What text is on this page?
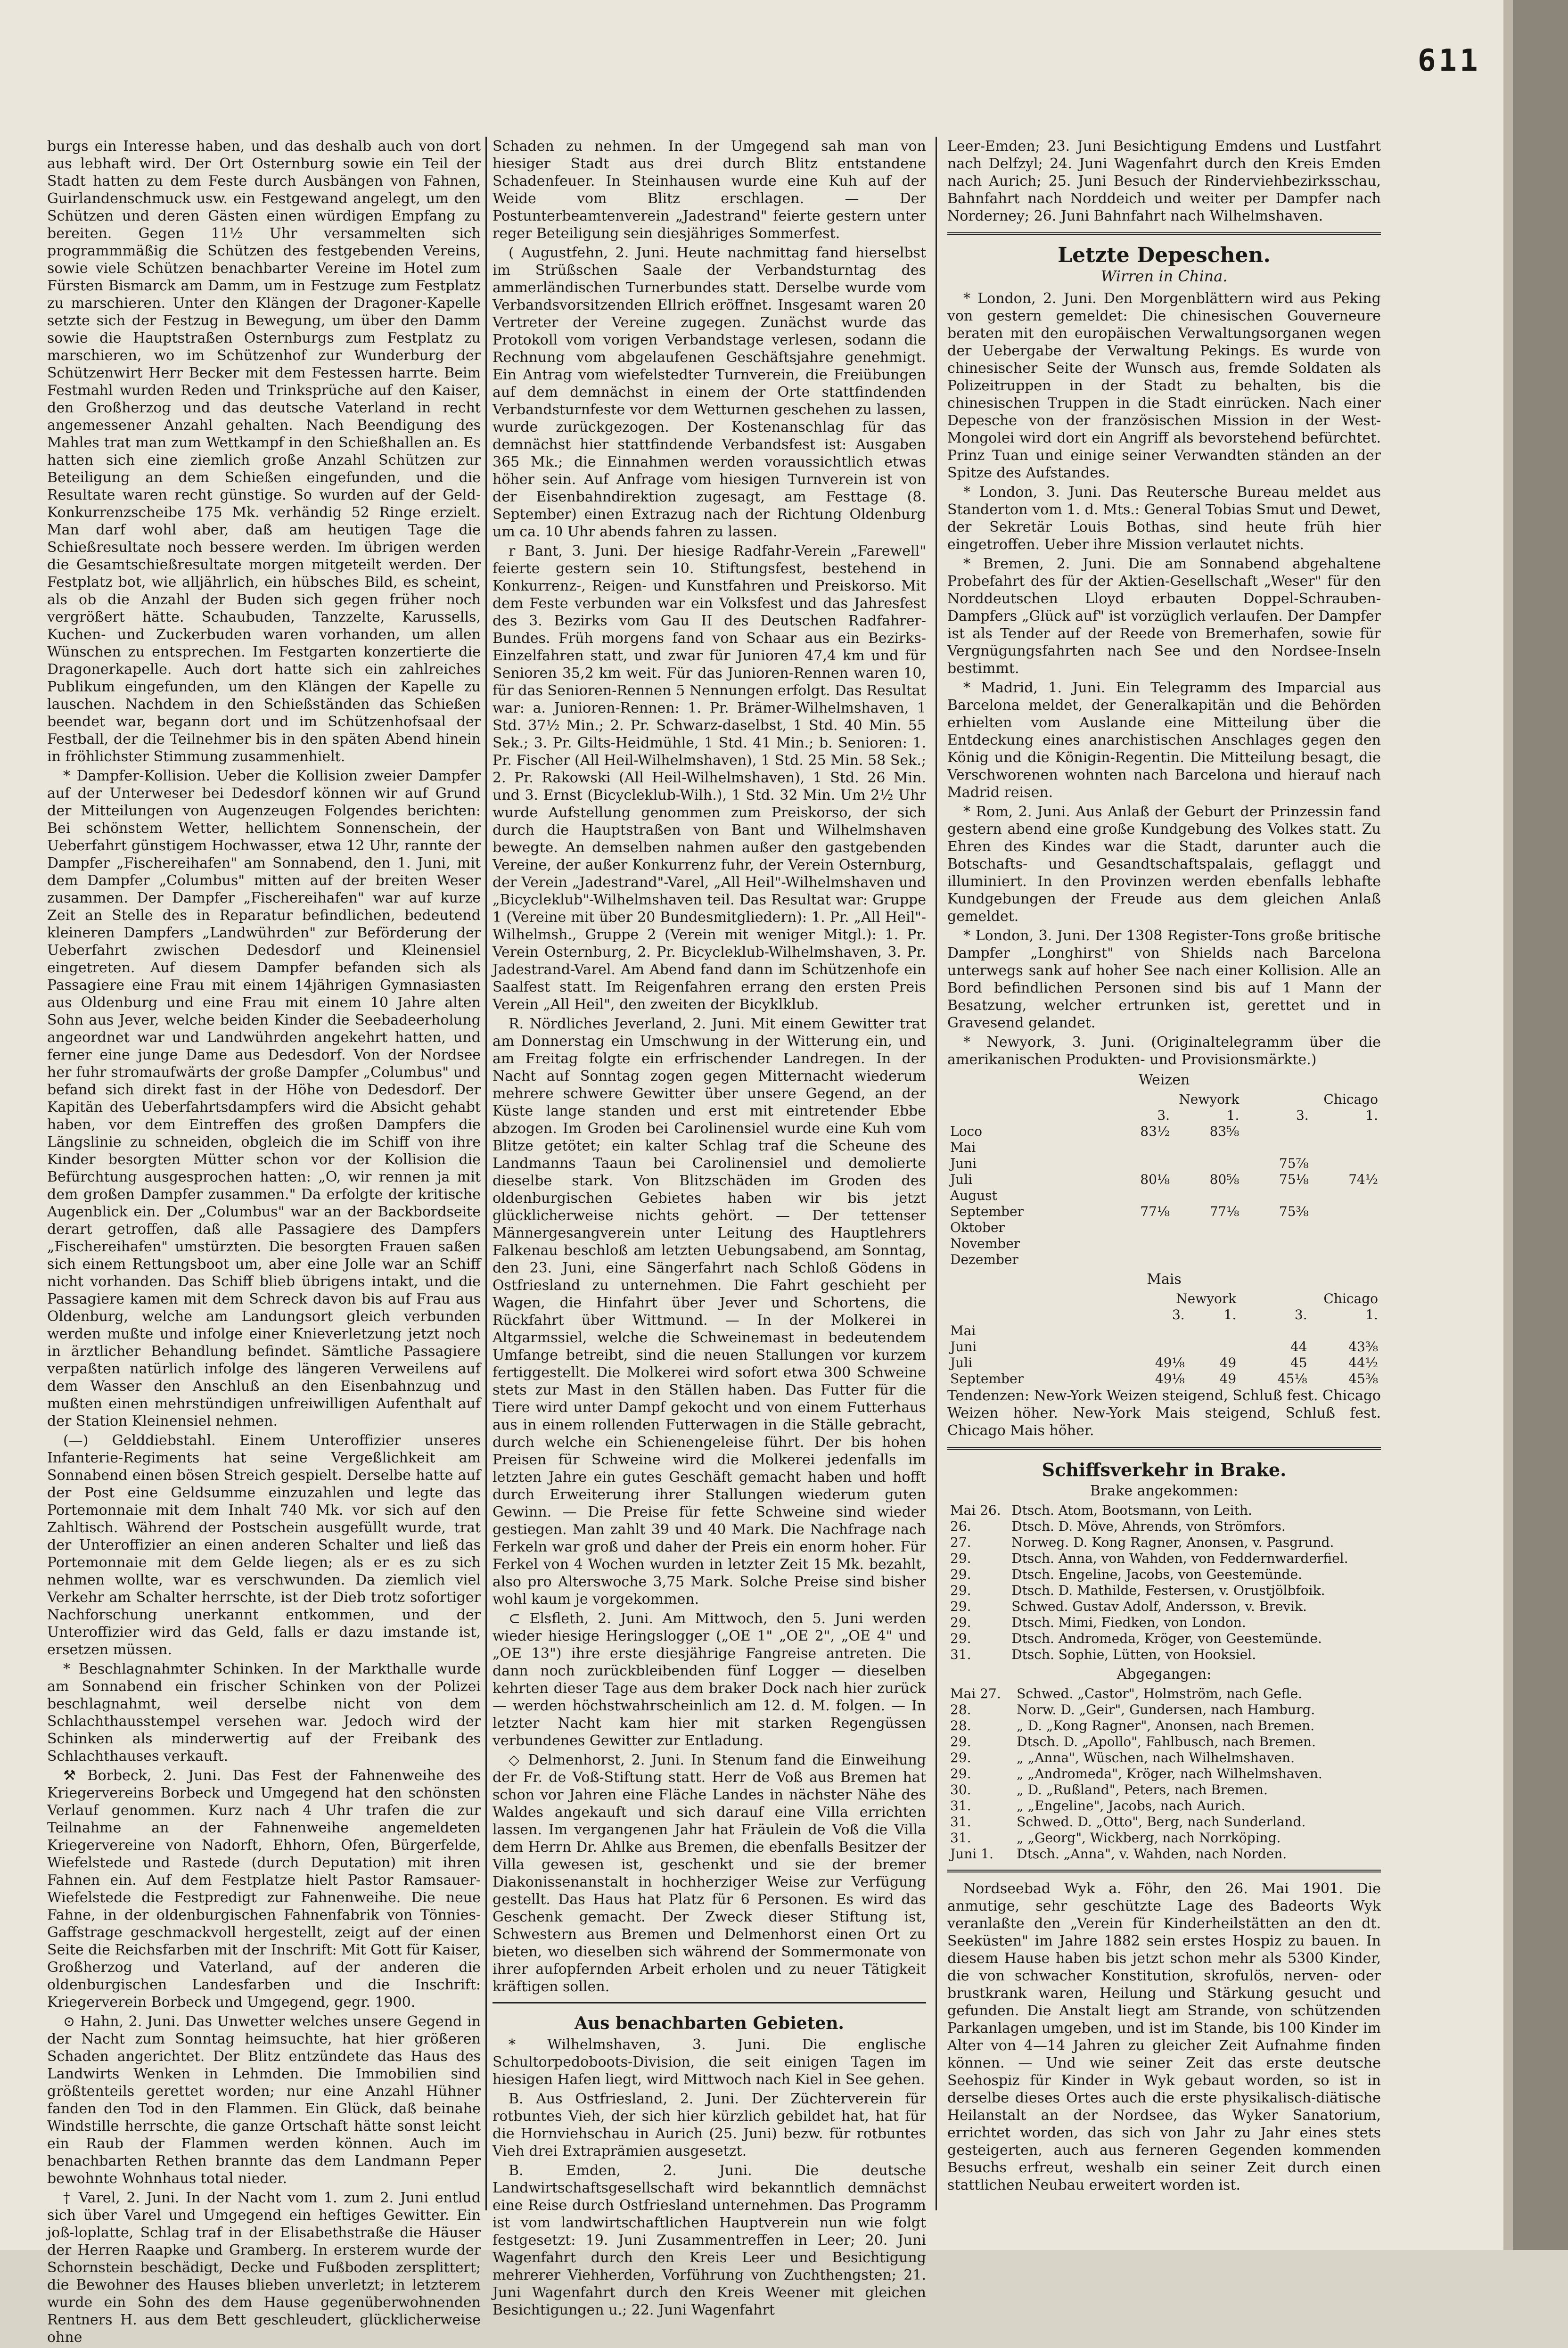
611

burgs ein Interesse haben, und das deshalb auch von dort aus lebhaft wird. Der Ort Osternburg sowie ein Teil der Stadt hatten zu dem Feste durch Ausbängen von Fahnen, Guirlandenschmuck usw. ein Festgewand angelegt, um den Schützen und deren Gästen einen würdigen Empfang zu bereiten. Gegen 11½ Uhr versammelten sich programmmäßig die Schützen des festgebenden Vereins, sowie viele Schützen benachbarter Vereine im Hotel zum Fürsten Bismarck am Damm, um in Festzuge zum Festplatz zu marschieren. Unter den Klängen der Dragoner-Kapelle setzte sich der Festzug in Bewegung, um über den Damm sowie die Hauptstraßen Osternburgs zum Festplatz zu marschieren, wo im Schützenhof zur Wunderburg der Schützenwirt Herr Becker mit dem Festessen harrte. Beim Festmahl wurden Reden und Trinksprüche auf den Kaiser, den Großherzog und das deutsche Vaterland in recht angemessener Anzahl gehalten. Nach Beendigung des Mahles trat man zum Wettkampf in den Schießhallen an. Es hatten sich eine ziemlich große Anzahl Schützen zur Beteiligung an dem Schießen eingefunden, und die Resultate waren recht günstige. So wurden auf der Geld-Konkurrenzscheibe 175 Mk. verhändig 52 Ringe erzielt. Man darf wohl aber, daß am heutigen Tage die Schießresultate noch bessere werden. Im übrigen werden die Gesamtschießresultate morgen mitgeteilt werden. Der Festplatz bot, wie alljährlich, ein hübsches Bild, es scheint, als ob die Anzahl der Buden sich gegen früher noch vergrößert hätte. Schaubuden, Tanzzelte, Karussells, Kuchen- und Zuckerbuden waren vorhanden, um allen Wünschen zu entsprechen. Im Festgarten konzertierte die Dragonerkapelle. Auch dort hatte sich ein zahlreiches Publikum eingefunden, um den Klängen der Kapelle zu lauschen. Nachdem in den Schießständen das Schießen beendet war, begann dort und im Schützenhofsaal der Festball, der die Teilnehmer bis in den späten Abend hinein in fröhlichster Stimmung zusammenhielt.

* Dampfer-Kollision. Ueber die Kollision zweier Dampfer auf der Unterweser bei Dedesdorf können wir auf Grund der Mitteilungen von Augenzeugen Folgendes berichten: Bei schönstem Wetter, hellichtem Sonnenschein, der Ueberfahrt günstigem Hochwasser, etwa 12 Uhr, rannte der Dampfer „Fischereihafen" am Sonnabend, den 1. Juni, mit dem Dampfer „Columbus" mitten auf der breiten Weser zusammen. Der Dampfer „Fischereihafen" war auf kurze Zeit an Stelle des in Reparatur befindlichen, bedeutend kleineren Dampfers „Landwührden" zur Beförderung der Ueberfahrt zwischen Dedesdorf und Kleinensiel eingetreten. Auf diesem Dampfer befanden sich als Passagiere eine Frau mit einem 14jährigen Gymnasiasten aus Oldenburg und eine Frau mit einem 10 Jahre alten Sohn aus Jever, welche beiden Kinder die Seebadeerholung angeordnet war und Landwührden angekehrt hatten, und ferner eine junge Dame aus Dedesdorf. Von der Nordsee her fuhr stromaufwärts der große Dampfer „Columbus" und befand sich direkt fast in der Höhe von Dedesdorf. Der Kapitän des Ueberfahrtsdampfers wird die Absicht gehabt haben, vor dem Eintreffen des großen Dampfers die Längslinie zu schneiden, obgleich die im Schiff von ihre Kinder besorgten Mütter schon vor der Kollision die Befürchtung ausgesprochen hatten: „O, wir rennen ja mit dem großen Dampfer zusammen." Da erfolgte der kritische Augenblick ein. Der „Columbus" war an der Backbordseite derart getroffen, daß alle Passagiere des Dampfers „Fischereihafen" umstürzten. Die besorgten Frauen saßen sich einem Rettungsboot um, aber eine Jolle war an Schiff nicht vorhanden. Das Schiff blieb übrigens intakt, und die Passagiere kamen mit dem Schreck davon bis auf Frau aus Oldenburg, welche am Landungsort gleich verbunden werden mußte und infolge einer Knieverletzung jetzt noch in ärztlicher Behandlung befindet. Sämtliche Passagiere verpaßten natürlich infolge des längeren Verweilens auf dem Wasser den Anschluß an den Eisenbahnzug und mußten einen mehrstündigen unfreiwilligen Aufenthalt auf der Station Kleinensiel nehmen.

(—) Gelddiebstahl. Einem Unteroffizier unseres Infanterie-Regiments hat seine Vergeßlichkeit am Sonnabend einen bösen Streich gespielt. Derselbe hatte auf der Post eine Geldsumme einzuzahlen und legte das Portemonnaie mit dem Inhalt 740 Mk. vor sich auf den Zahltisch. Während der Postschein ausgefüllt wurde, trat der Unteroffizier an einen anderen Schalter und ließ das Portemonnaie mit dem Gelde liegen; als er es zu sich nehmen wollte, war es verschwunden. Da ziemlich viel Verkehr am Schalter herrschte, ist der Dieb trotz sofortiger Nachforschung unerkannt entkommen, und der Unteroffizier wird das Geld, falls er dazu imstande ist, ersetzen müssen.

* Beschlagnahmter Schinken. In der Markthalle wurde am Sonnabend ein frischer Schinken von der Polizei beschlagnahmt, weil derselbe nicht von dem Schlachthausstempel versehen war. Jedoch wird der Schinken als minderwertig auf der Freibank des Schlachthauses verkauft.

⚒ Borbeck, 2. Juni. Das Fest der Fahnenweihe des Kriegervereins Borbeck und Umgegend hat den schönsten Verlauf genommen. Kurz nach 4 Uhr trafen die zur Teilnahme an der Fahnenweihe angemeldeten Kriegervereine von Nadorft, Ehhorn, Ofen, Bürgerfelde, Wiefelstede und Rastede (durch Deputation) mit ihren Fahnen ein. Auf dem Festplatze hielt Pastor Ramsauer-Wiefelstede die Festpredigt zur Fahnenweihe. Die neue Fahne, in der oldenburgischen Fahnenfabrik von Tönnies-Gaffstrage geschmackvoll hergestellt, zeigt auf der einen Seite die Reichsfarben mit der Inschrift: Mit Gott für Kaiser, Großherzog und Vaterland, auf der anderen die oldenburgischen Landesfarben und die Inschrift: Kriegerverein Borbeck und Umgegend, gegr. 1900.

⊙ Hahn, 2. Juni. Das Unwetter welches unsere Gegend in der Nacht zum Sonntag heimsuchte, hat hier größeren Schaden angerichtet. Der Blitz entzündete das Haus des Landwirts Wenken in Lehmden. Die Immobilien sind größtenteils gerettet worden; nur eine Anzahl Hühner fanden den Tod in den Flammen. Ein Glück, daß beinahe Windstille herrschte, die ganze Ortschaft hätte sonst leicht ein Raub der Flammen werden können. Auch im benachbarten Rethen brannte das dem Landmann Peper bewohnte Wohnhaus total nieder.

† Varel, 2. Juni. In der Nacht vom 1. zum 2. Juni entlud sich über Varel und Umgegend ein heftiges Gewitter. Ein joß-loplatte, Schlag traf in der Elisabethstraße die Häuser der Herren Raapke und Gramberg. In ersterem wurde der Schornstein beschädigt, Decke und Fußboden zersplittert; die Bewohner des Hauses blieben unverletzt; in letzterem wurde ein Sohn des dem Hause gegenüberwohnenden Rentners H. aus dem Bett geschleudert, glücklicherweise ohne

Schaden zu nehmen. In der Umgegend sah man von hiesiger Stadt aus drei durch Blitz entstandene Schadenfeuer. In Steinhausen wurde eine Kuh auf der Weide vom Blitz erschlagen. — Der Postunterbeamtenverein „Jadestrand" feierte gestern unter reger Beteiligung sein diesjähriges Sommerfest.

( Augustfehn, 2. Juni. Heute nachmittag fand hierselbst im Strüßschen Saale der Verbandsturntag des ammerländischen Turnerbundes statt. Derselbe wurde vom Verbandsvorsitzenden Ellrich eröffnet. Insgesamt waren 20 Vertreter der Vereine zugegen. Zunächst wurde das Protokoll vom vorigen Verbandstage verlesen, sodann die Rechnung vom abgelaufenen Geschäftsjahre genehmigt. Ein Antrag vom wiefelstedter Turnverein, die Freiübungen auf dem demnächst in einem der Orte stattfindenden Verbandsturnfeste vor dem Wetturnen geschehen zu lassen, wurde zurückgezogen. Der Kostenanschlag für das demnächst hier stattfindende Verbandsfest ist: Ausgaben 365 Mk.; die Einnahmen werden voraussichtlich etwas höher sein. Auf Anfrage vom hiesigen Turnverein ist von der Eisenbahndirektion zugesagt, am Festtage (8. September) einen Extrazug nach der Richtung Oldenburg um ca. 10 Uhr abends fahren zu lassen.

r Bant, 3. Juni. Der hiesige Radfahr-Verein „Farewell" feierte gestern sein 10. Stiftungsfest, bestehend in Konkurrenz-, Reigen- und Kunstfahren und Preiskorso. Mit dem Feste verbunden war ein Volksfest und das Jahresfest des 3. Bezirks vom Gau II des Deutschen Radfahrer-Bundes. Früh morgens fand von Schaar aus ein Bezirks-Einzelfahren statt, und zwar für Junioren 47,4 km und für Senioren 35,2 km weit. Für das Junioren-Rennen waren 10, für das Senioren-Rennen 5 Nennungen erfolgt. Das Resultat war: a. Junioren-Rennen: 1. Pr. Brämer-Wilhelmshaven, 1 Std. 37½ Min.; 2. Pr. Schwarz-daselbst, 1 Std. 40 Min. 55 Sek.; 3. Pr. Gilts-Heidmühle, 1 Std. 41 Min.; b. Senioren: 1. Pr. Fischer (All Heil-Wilhelmshaven), 1 Std. 25 Min. 58 Sek.; 2. Pr. Rakowski (All Heil-Wilhelmshaven), 1 Std. 26 Min. und 3. Ernst (Bicycleklub-Wilh.), 1 Std. 32 Min. Um 2½ Uhr wurde Aufstellung genommen zum Preiskorso, der sich durch die Hauptstraßen von Bant und Wilhelmshaven bewegte. An demselben nahmen außer den gastgebenden Vereine, der außer Konkurrenz fuhr, der Verein Osternburg, der Verein „Jadestrand"-Varel, „All Heil"-Wilhelmshaven und „Bicycleklub"-Wilhelmshaven teil. Das Resultat war: Gruppe 1 (Vereine mit über 20 Bundesmitgliedern): 1. Pr. „All Heil"-Wilhelmsh., Gruppe 2 (Verein mit weniger Mitgl.): 1. Pr. Verein Osternburg, 2. Pr. Bicycleklub-Wilhelmshaven, 3. Pr. Jadestrand-Varel. Am Abend fand dann im Schützenhofe ein Saalfest statt. Im Reigenfahren errang den ersten Preis Verein „All Heil", den zweiten der Bicyklklub.

R. Nördliches Jeverland, 2. Juni. Mit einem Gewitter trat am Donnerstag ein Umschwung in der Witterung ein, und am Freitag folgte ein erfrischender Landregen. In der Nacht auf Sonntag zogen gegen Mitternacht wiederum mehrere schwere Gewitter über unsere Gegend, an der Küste lange standen und erst mit eintretender Ebbe abzogen. Im Groden bei Carolinensiel wurde eine Kuh vom Blitze getötet; ein kalter Schlag traf die Scheune des Landmanns Taaun bei Carolinensiel und demolierte dieselbe stark. Von Blitzschäden im Groden des oldenburgischen Gebietes haben wir bis jetzt glücklicherweise nichts gehört. — Der tettenser Männergesangverein unter Leitung des Hauptlehrers Falkenau beschloß am letzten Uebungsabend, am Sonntag, den 23. Juni, eine Sängerfahrt nach Schloß Gödens in Ostfriesland zu unternehmen. Die Fahrt geschieht per Wagen, die Hinfahrt über Jever und Schortens, die Rückfahrt über Wittmund. — In der Molkerei in Altgarmssiel, welche die Schweinemast in bedeutendem Umfange betreibt, sind die neuen Stallungen vor kurzem fertiggestellt. Die Molkerei wird sofort etwa 300 Schweine stets zur Mast in den Ställen haben. Das Futter für die Tiere wird unter Dampf gekocht und von einem Futterhaus aus in einem rollenden Futterwagen in die Ställe gebracht, durch welche ein Schienengeleise führt. Der bis hohen Preisen für Schweine wird die Molkerei jedenfalls im letzten Jahre ein gutes Geschäft gemacht haben und hofft durch Erweiterung ihrer Stallungen wiederum guten Gewinn. — Die Preise für fette Schweine sind wieder gestiegen. Man zahlt 39 und 40 Mark. Die Nachfrage nach Ferkeln war groß und daher der Preis ein enorm hoher. Für Ferkel von 4 Wochen wurden in letzter Zeit 15 Mk. bezahlt, also pro Alterswoche 3,75 Mark. Solche Preise sind bisher wohl kaum je vorgekommen.

⊂ Elsfleth, 2. Juni. Am Mittwoch, den 5. Juni werden wieder hiesige Heringslogger („OE 1" „OE 2", „OE 4" und „OE 13") ihre erste diesjährige Fangreise antreten. Die dann noch zurückbleibenden fünf Logger — dieselben kehrten dieser Tage aus dem braker Dock nach hier zurück — werden höchstwahrscheinlich am 12. d. M. folgen. — In letzter Nacht kam hier mit starken Regengüssen verbundenes Gewitter zur Entladung.

◇ Delmenhorst, 2. Juni. In Stenum fand die Einweihung der Fr. de Voß-Stiftung statt. Herr de Voß aus Bremen hat schon vor Jahren eine Fläche Landes in nächster Nähe des Waldes angekauft und sich darauf eine Villa errichten lassen. Im vergangenen Jahr hat Fräulein de Voß die Villa dem Herrn Dr. Ahlke aus Bremen, die ebenfalls Besitzer der Villa gewesen ist, geschenkt und sie der bremer Diakonissenanstalt in hochherziger Weise zur Verfügung gestellt. Das Haus hat Platz für 6 Personen. Es wird das Geschenk gemacht. Der Zweck dieser Stiftung ist, Schwestern aus Bremen und Delmenhorst einen Ort zu bieten, wo dieselben sich während der Sommermonate von ihrer aufopfernden Arbeit erholen und zu neuer Tätigkeit kräftigen sollen.

Aus benachbarten Gebieten.

* Wilhelmshaven, 3. Juni. Die englische Schultorpedoboots-Division, die seit einigen Tagen im hiesigen Hafen liegt, wird Mittwoch nach Kiel in See gehen.

B. Aus Ostfriesland, 2. Juni. Der Züchterverein für rotbuntes Vieh, der sich hier kürzlich gebildet hat, hat für die Hornviehschau in Aurich (25. Juni) bezw. für rotbuntes Vieh drei Extraprämien ausgesetzt.

B. Emden, 2. Juni. Die deutsche Landwirtschaftsgesellschaft wird bekanntlich demnächst eine Reise durch Ostfriesland unternehmen. Das Programm ist vom landwirtschaftlichen Hauptverein nun wie folgt festgesetzt: 19. Juni Zusammentreffen in Leer; 20. Juni Wagenfahrt durch den Kreis Leer und Besichtigung mehrerer Viehherden, Vorführung von Zuchthengsten; 21. Juni Wagenfahrt durch den Kreis Weener mit gleichen Besichtigungen u.; 22. Juni Wagenfahrt

Leer-Emden; 23. Juni Besichtigung Emdens und Lustfahrt nach Delfzyl; 24. Juni Wagenfahrt durch den Kreis Emden nach Aurich; 25. Juni Besuch der Rinderviehbezirksschau, Bahnfahrt nach Norddeich und weiter per Dampfer nach Norderney; 26. Juni Bahnfahrt nach Wilhelmshaven.

Letzte Depeschen.

Wirren in China.

* London, 2. Juni. Den Morgenblättern wird aus Peking von gestern gemeldet: Die chinesischen Gouverneure beraten mit den europäischen Verwaltungsorganen wegen der Uebergabe der Verwaltung Pekings. Es wurde von chinesischer Seite der Wunsch aus, fremde Soldaten als Polizeitruppen in der Stadt zu behalten, bis die chinesischen Truppen in die Stadt einrücken. Nach einer Depesche von der französischen Mission in der West-Mongolei wird dort ein Angriff als bevorstehend befürchtet. Prinz Tuan und einige seiner Verwandten ständen an der Spitze des Aufstandes.

* London, 3. Juni. Das Reutersche Bureau meldet aus Standerton vom 1. d. Mts.: General Tobias Smut und Dewet, der Sekretär Louis Bothas, sind heute früh hier eingetroffen. Ueber ihre Mission verlautet nichts.

* Bremen, 2. Juni. Die am Sonnabend abgehaltene Probefahrt des für der Aktien-Gesellschaft „Weser" für den Norddeutschen Lloyd erbauten Doppel-Schrauben-Dampfers „Glück auf" ist vorzüglich verlaufen. Der Dampfer ist als Tender auf der Reede von Bremerhafen, sowie für Vergnügungsfahrten nach See und den Nordsee-Inseln bestimmt.

* Madrid, 1. Juni. Ein Telegramm des Imparcial aus Barcelona meldet, der Generalkapitän und die Behörden erhielten vom Auslande eine Mitteilung über die Entdeckung eines anarchistischen Anschlages gegen den König und die Königin-Regentin. Die Mitteilung besagt, die Verschworenen wohnten nach Barcelona und hierauf nach Madrid reisen.

* Rom, 2. Juni. Aus Anlaß der Geburt der Prinzessin fand gestern abend eine große Kundgebung des Volkes statt. Zu Ehren des Kindes war die Stadt, darunter auch die Botschafts- und Gesandtschaftspalais, geflaggt und illuminiert. In den Provinzen werden ebenfalls lebhafte Kundgebungen der Freude aus dem gleichen Anlaß gemeldet.

* London, 3. Juni. Der 1308 Register-Tons große britische Dampfer „Longhirst" von Shields nach Barcelona unterwegs sank auf hoher See nach einer Kollision. Alle an Bord befindlichen Personen sind bis auf 1 Mann der Besatzung, welcher ertrunken ist, gerettet und in Gravesend gelandet.

* Newyork, 3. Juni. (Originaltelegramm über die amerikanischen Produkten- und Provisionsmärkte.)

Weizen
	Newyork		Chicago	
	3.	1.	3.	1.
Loco	83½	83⅝		
Mai				
Juni			75⅞	
Juli	80⅛	80⅝	75⅛	74½
August				
September	77⅛	77⅛	75⅜	
Oktober				
November				
Dezember				
Mais
	Newyork		Chicago	
	3.	1.	3.	1.
Mai				
Juni			44	43⅜
Juli	49⅛	49	45	44½
September	49⅛	49	45⅛	45⅜

Tendenzen: New-York Weizen steigend, Schluß fest. Chicago Weizen höher. New-York Mais steigend, Schluß fest. Chicago Mais höher.

Schiffsverkehr in Brake.

Brake angekommen:
Mai 26.	Dtsch. Atom, Bootsmann, von Leith.
26.	Dtsch. D. Möve, Ahrends, von Strömfors.
27.	Norweg. D. Kong Ragner, Anonsen, v. Pasgrund.
29.	Dtsch. Anna, von Wahden, von Feddernwarderfiel.
29.	Dtsch. Engeline, Jacobs, von Geestemünde.
29.	Dtsch. D. Mathilde, Festersen, v. Orustjölbfoik.
29.	Schwed. Gustav Adolf, Andersson, v. Brevik.
29.	Dtsch. Mimi, Fiedken, von London.
29.	Dtsch. Andromeda, Kröger, von Geestemünde.
31.	Dtsch. Sophie, Lütten, von Hooksiel.
Abgegangen:
Mai 27.	Schwed. „Castor", Holmström, nach Gefle.
28.	Norw. D. „Geir", Gundersen, nach Hamburg.
28.	„ D. „Kong Ragner", Anonsen, nach Bremen.
29.	Dtsch. D. „Apollo", Fahlbusch, nach Bremen.
29.	„ „Anna", Wüschen, nach Wilhelmshaven.
29.	„ „Andromeda", Kröger, nach Wilhelmshaven.
30.	„ D. „Rußland", Peters, nach Bremen.
31.	„ „Engeline", Jacobs, nach Aurich.
31.	Schwed. D. „Otto", Berg, nach Sunderland.
31.	„ „Georg", Wickberg, nach Norrköping.
Juni 1.	Dtsch. „Anna", v. Wahden, nach Norden.

Nordseebad Wyk a. Föhr, den 26. Mai 1901. Die anmutige, sehr geschützte Lage des Badeorts Wyk veranlaßte den „Verein für Kinderheilstätten an den dt. Seeküsten" im Jahre 1882 sein erstes Hospiz zu bauen. In diesem Hause haben bis jetzt schon mehr als 5300 Kinder, die von schwacher Konstitution, skrofulös, nerven- oder brustkrank waren, Heilung und Stärkung gesucht und gefunden. Die Anstalt liegt am Strande, von schützenden Parkanlagen umgeben, und ist im Stande, bis 100 Kinder im Alter von 4—14 Jahren zu gleicher Zeit Aufnahme finden können. — Und wie seiner Zeit das erste deutsche Seehospiz für Kinder in Wyk gebaut worden, so ist in derselbe dieses Ortes auch die erste physikalisch-diätische Heilanstalt an der Nordsee, das Wyker Sanatorium, errichtet worden, das sich von Jahr zu Jahr eines stets gesteigerten, auch aus ferneren Gegenden kommenden Besuchs erfreut, weshalb ein seiner Zeit durch einen stattlichen Neubau erweitert worden ist.
